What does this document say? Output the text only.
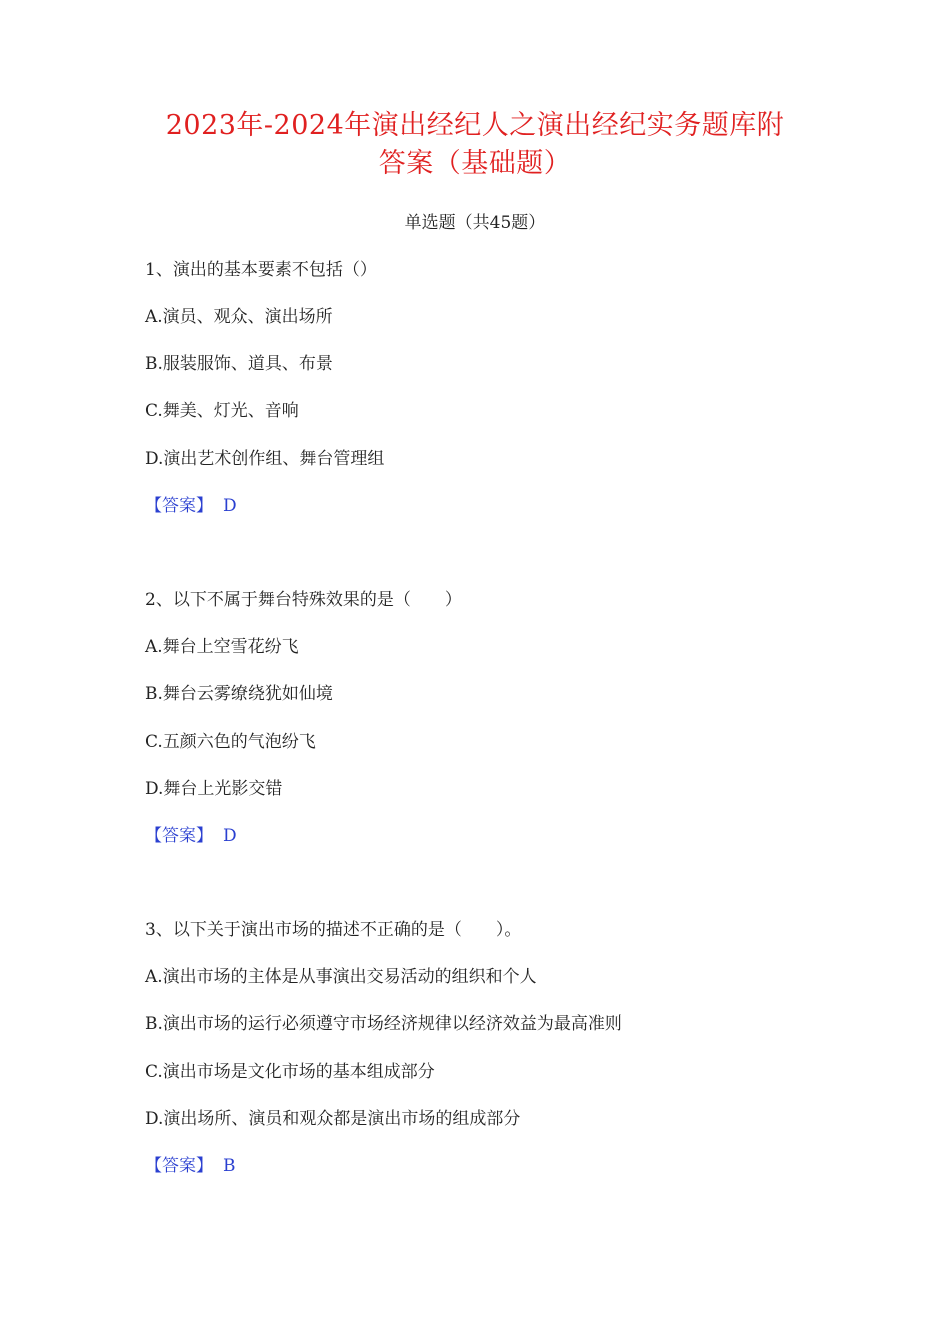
2023年-2024年演出经纪人之演出经纪实务题库附
答案（基础题）
单选题（共45题）
1、演出的基本要素不包括（）
A.演员、观众、演出场所
B.服装服饰、道具、布景
C.舞美、灯光、音响
D.演出艺术创作组、舞台管理组
【答案】 D
2、以下不属于舞台特殊效果的是（　　）
A.舞台上空雪花纷飞
B.舞台云雾缭绕犹如仙境
C.五颜六色的气泡纷飞
D.舞台上光影交错
【答案】 D
3、以下关于演出市场的描述不正确的是（　　）。
A.演出市场的主体是从事演出交易活动的组织和个人
B.演出市场的运行必须遵守市场经济规律以经济效益为最高准则
C.演出市场是文化市场的基本组成部分
D.演出场所、演员和观众都是演出市场的组成部分
【答案】 B
